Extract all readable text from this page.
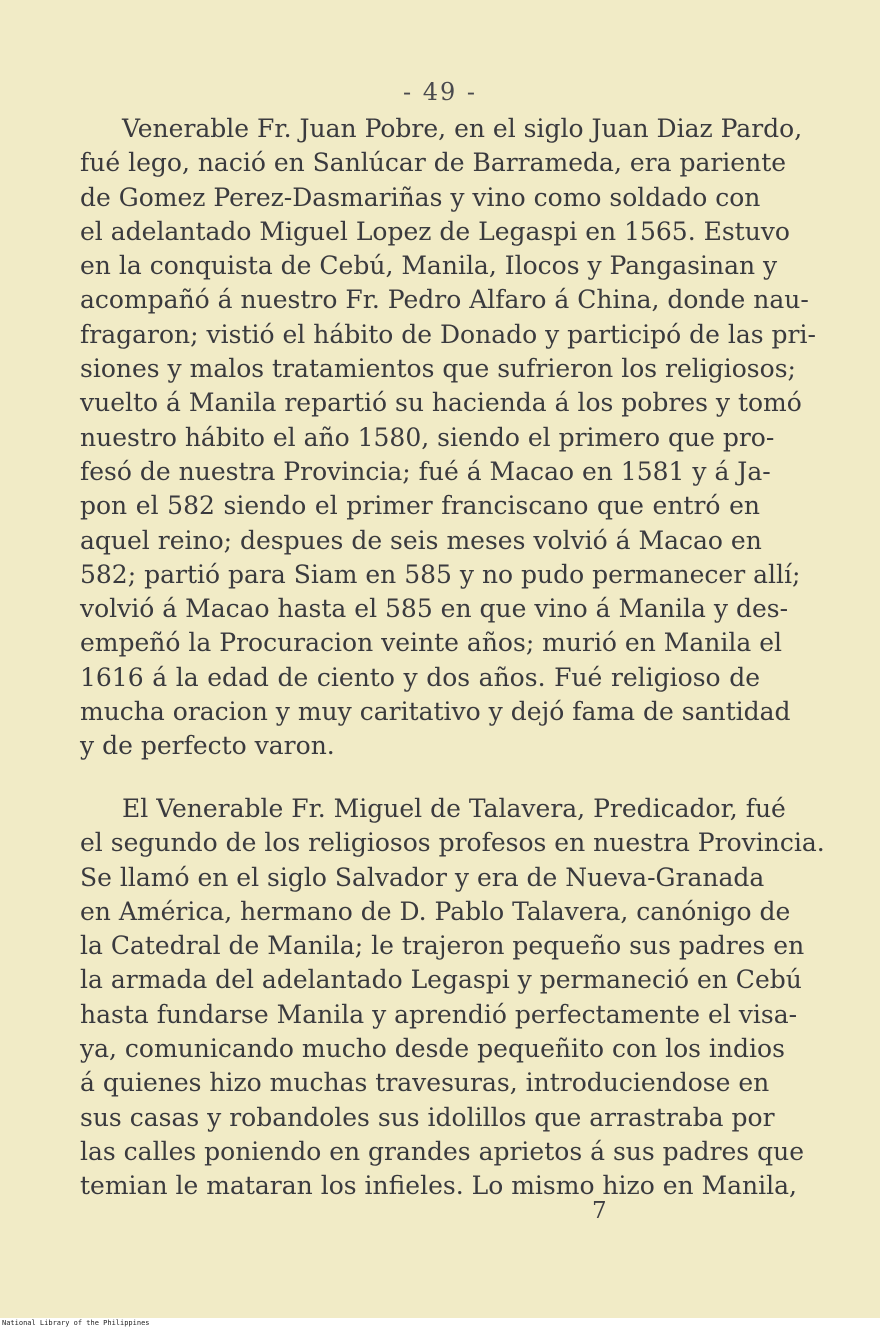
- 49 -
Venerable Fr. Juan Pobre, en el siglo Juan Diaz Pardo,
fué lego, nació en Sanlúcar de Barrameda, era pariente
de Gomez Perez-Dasmariñas y vino como soldado con
el adelantado Miguel Lopez de Legaspi en 1565. Estuvo
en la conquista de Cebú, Manila, Ilocos y Pangasinan y
acompañó á nuestro Fr. Pedro Alfaro á China, donde nau-
fragaron; vistió el hábito de Donado y participó de las pri-
siones y malos tratamientos que sufrieron los religiosos;
vuelto á Manila repartió su hacienda á los pobres y tomó
nuestro hábito el año 1580, siendo el primero que pro-
fesó de nuestra Provincia; fué á Macao en 1581 y á Ja-
pon el 582 siendo el primer franciscano que entró en
aquel reino; despues de seis meses volvió á Macao en
582; partió para Siam en 585 y no pudo permanecer allí;
volvió á Macao hasta el 585 en que vino á Manila y des-
empeñó la Procuracion veinte años; murió en Manila el
1616 á la edad de ciento y dos años. Fué religioso de
mucha oracion y muy caritativo y dejó fama de santidad
y de perfecto varon.
El Venerable Fr. Miguel de Talavera, Predicador, fué
el segundo de los religiosos profesos en nuestra Provincia.
Se llamó en el siglo Salvador y era de Nueva-Granada
en América, hermano de D. Pablo Talavera, canónigo de
la Catedral de Manila; le trajeron pequeño sus padres en
la armada del adelantado Legaspi y permaneció en Cebú
hasta fundarse Manila y aprendió perfectamente el visa-
ya, comunicando mucho desde pequeñito con los indios
á quienes hizo muchas travesuras, introduciendose en
sus casas y robandoles sus idolillos que arrastraba por
las calles poniendo en grandes aprietos á sus padres que
temian le mataran los infieles. Lo mismo hizo en Manila,
7
National Library of the Philippines
